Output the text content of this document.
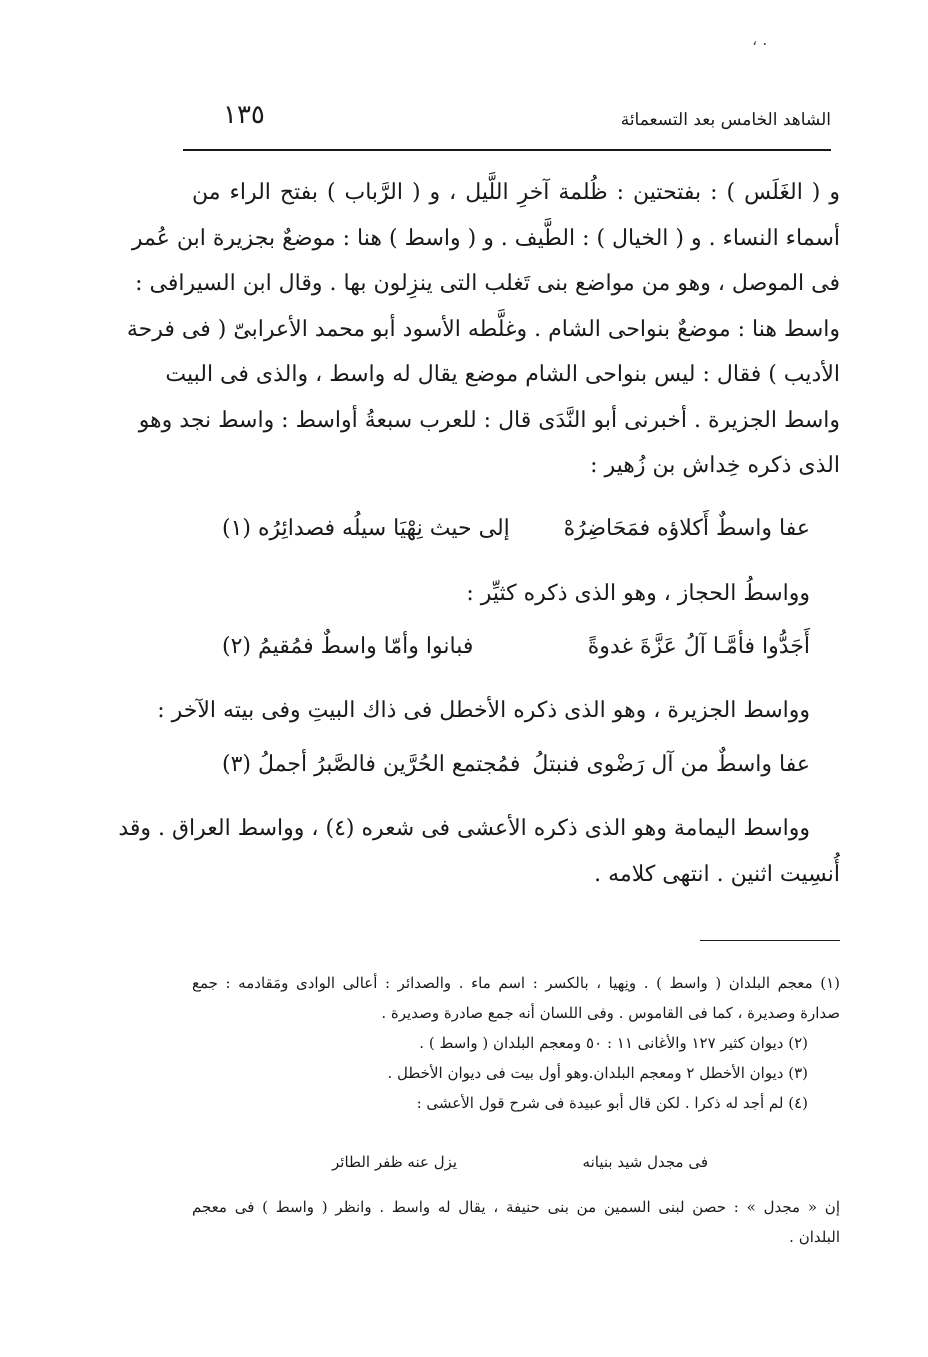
، .
الشاهد الخامس بعد التسعمائة
١٣٥
و ( الغَلَس ) : بفتحتين : ظُلمة آخرِ اللَّيل ، و ( الرَّباب ) بفتح الراء من
أسماء النساء . و ( الخيال ) : الطَّيف . و ( واسط ) هنا : موضعٌ بجزيرة ابن عُمر
فى الموصل ، وهو من مواضع بنى تَغلب التى ينزِلون بها . وقال ابن السيرافى :
واسط هنا : موضعٌ بنواحى الشام . وغلَّطه الأسود أبو محمد الأعرابىّ ( فى فرحة
الأديب ) فقال : ليس بنواحى الشام موضع يقال له واسط ، والذى فى البيت
واسط الجزيرة . أخبرنى أبو النَّدَى قال : للعرب سبعةُ أواسط : واسط نجد وهو
الذى ذكره خِداش بن زُهير :
عفا واسطٌ أَكلاؤه فمَحَاضِرُهْ
إلى حيث نِهْيَا سيلُه فصدائِرُه (١)
وواسطُ الحجاز ، وهو الذى ذكره كثيِّر :
أَجَدُّوا فأمَّـا آلُ عَزَّةَ غدوةً
فبانوا وأمّا واسطٌ فمُقيمُ (٢)
وواسط الجزيرة ، وهو الذى ذكره الأخطل فى ذاك البيتِ وفى بيته الآخر :
عفا واسطٌ من آل رَضْوى فنبتلُ
فمُجتمع الحُرَّين فالصَّبرُ أجملُ (٣)
وواسط اليمامة وهو الذى ذكره الأعشى فى شعره (٤) ، وواسط العراق . وقد
أُنسِيت اثنين . انتهى كلامه .
(١) معجم البلدان ( واسط ) . ونِهيا ، بالكسر : اسم ماء . والصدائر : أعالى الوادى ومَقادمه : جمع
صدارة وصديرة ، كما فى القاموس . وفى اللسان أنه جمع صادرة وصديرة .
(٢) ديوان كثير ١٢٧ والأغانى ١١ : ٥٠ ومعجم البلدان ( واسط ) .
(٣) ديوان الأخطل ٢ ومعجم البلدان.وهو أول بيت فى ديوان الأخطل .
(٤) لم أجد له ذكرا . لكن قال أبو عبيدة فى شرح قول الأعشى :
فى مجدل شيد بنيانه
يزل عنه ظفر الطائر
إن « مجدل » : حصن لبنى السمين من بنى حنيفة ، يقال له واسط . وانظر ( واسط ) فى معجم
البلدان .
